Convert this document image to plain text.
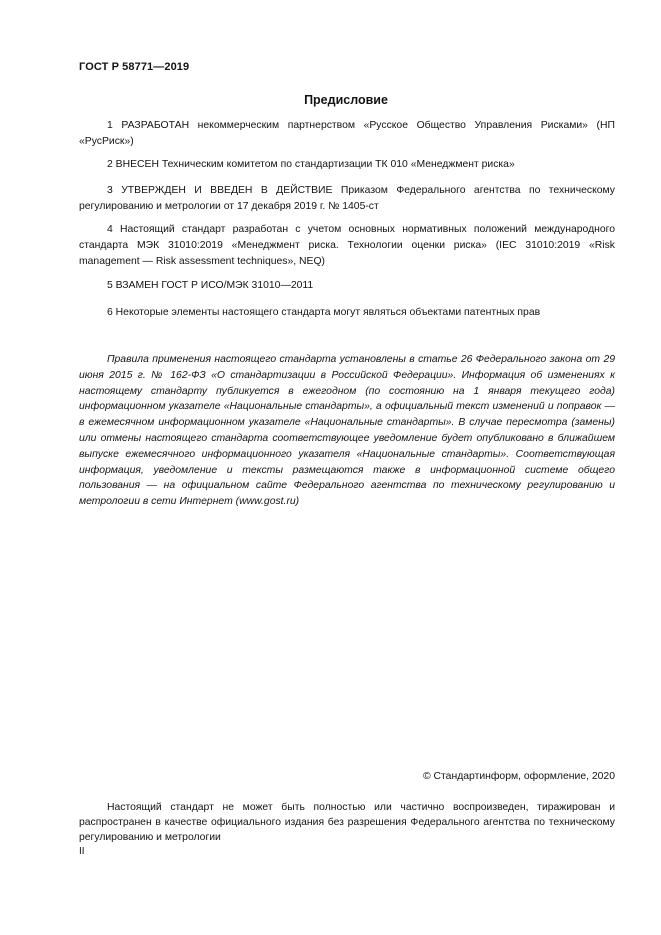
ГОСТ Р 58771—2019
Предисловие

1 РАЗРАБОТАН некоммерческим партнерством «Русское Общество Управления Рисками» (НП «РусРиск»)

2 ВНЕСЕН Техническим комитетом по стандартизации ТК 010 «Менеджмент риска»

3 УТВЕРЖДЕН И ВВЕДЕН В ДЕЙСТВИЕ Приказом Федерального агентства по техническому регулированию и метрологии от 17 декабря 2019 г. № 1405-ст

4 Настоящий стандарт разработан с учетом основных нормативных положений международного стандарта МЭК 31010:2019 «Менеджмент риска. Технологии оценки риска» (IEC 31010:2019 «Risk management — Risk assessment techniques», NEQ)

5 ВЗАМЕН ГОСТ Р ИСО/МЭК 31010—2011

6 Некоторые элементы настоящего стандарта могут являться объектами патентных прав

Правила применения настоящего стандарта установлены в статье 26 Федерального закона от 29 июня 2015 г. № 162-ФЗ «О стандартизации в Российской Федерации». Информация об изменениях к настоящему стандарту публикуется в ежегодном (по состоянию на 1 января текущего года) информационном указателе «Национальные стандарты», а официальный текст изменений и поправок — в ежемесячном информационном указателе «Национальные стандарты». В случае пересмотра (замены) или отмены настоящего стандарта соответствующее уведомление будет опубликовано в ближайшем выпуске ежемесячного информационного указателя «Национальные стандарты». Соответствующая информация, уведомление и тексты размещаются также в информационной системе общего пользования — на официальном сайте Федерального агентства по техническому регулированию и метрологии в сети Интернет (www.gost.ru)

© Стандартинформ, оформление, 2020

Настоящий стандарт не может быть полностью или частично воспроизведен, тиражирован и распространен в качестве официального издания без разрешения Федерального агентства по техническому регулированию и метрологии

II
